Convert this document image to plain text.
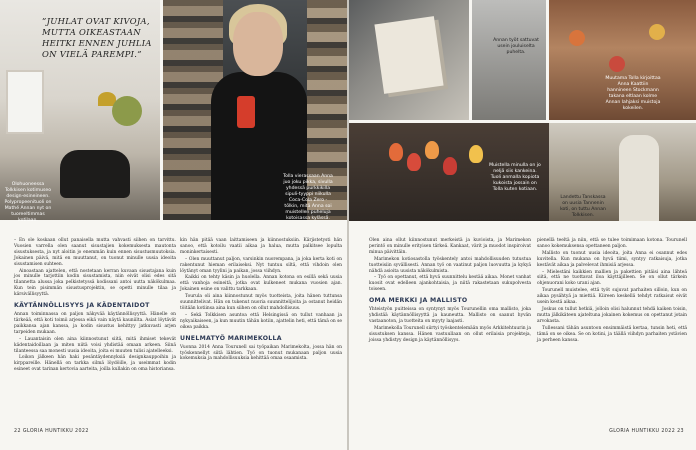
Olohuoneessa Tolkkisen kotimuseo design-esineineen. Polypropeenituoli on Mathé Annan nyt on tuoreeltimmas kotilaan.
”JUHLAT OVAT KIVOJA, MUTTA OIKEASTAAN HEITKI ENNEN JUHLIA ON VIELÄ PAREMPI.”
Tolla vierassaan Anna juo joku pikka, sivulla yhdessä purkkikilla sipuli-tyyppi niikulla Coca-Cola Zero - tölkin, mitä Anna soi muistellen puheluja kotoisassa kylässä.

– En ole koskaan ollut panaisella mutta vahvasti siihen on tarvittu. Vuosien varrella olen saanut sisustajien kokemuksesta mautonta sisustuksesta, ja nyt aloitin jo enemmän kuin ennen sisustusmuutoksia. Jokainen päivä, mitä en muuttanut, on tuonut minulle uusia ideoita sisustamisen suhteen.

Ainoastaan ajattelen, että nostetaan kerran kuvaan sisustajana kuin jos minulle tarjottiin kodin sisustamista, niin eivät olisi edes sitä tilannetta alussa joka pelkistetyssä kodissani antoi uutta näkökulmaa. Kun tein pisimmän sisustusprojektin, se opetti minulle tilaa ja kärsivällisyyttä.

KÄYTÄNNÖLLISYYS JA KÄDENTAIDOT

Annan toiminnassa on paljon näkyvää käytännöllisyyttä. Hänelle on tärkeää, että koti toimii arjessa eikä vain näytä kauniilta. Asiat löytävät paikkansa ajan kanssa, ja kodin sisustus kehittyy jatkuvasti arjen tarpeiden mukaan.

– Lauantaisin olen aina kiinnostunut siitä, mitä ihmiset tekevät kädentaidoillaan ja miten niitä voisi yhdistää omaan arkeen. Siinä tilanteessa saa monesti uusia ideoita, joita ei muuten tulisi ajatelleeksi.

Loikon jälkeen hän haki pesäntäydennyksiä designkauppoihin ja kirppareille. Hänellä on tarkka silmä löydöille, ja useimmat kodin esineet ovat tarinan kertovia aarteita, joilla kullakin on oma historiansa.

kin hän pitää vaan laittamiseen ja kiinnostuksiin. Kärjistetysti hän sanoo, että kotoilu vaatii aikaa ja halua, mutta palkitsee lopulta moninkertaisesti.

– Olen muuttanut paljon, varsinkin nuorempana, ja joka kerta koti on rakentunut hieman erilaiseksi. Nyt tuntuu siltä, että vihdoin olen löytänyt oman tyylini ja paikan, jossa viihdyn.

Kaikki on tehty käsin ja huolella. Annan kotona on esillä sekä uusia että vanhoja esineitä, jotka ovat kulkeneet mukana vuosien ajan. Jokainen esine on valittu tarkkaan.

Tourula oli aina kiinnostunut myös tuotteista, joita hänen tuttunsa suunnittelivat. Hän on tukenut nuoria suunnittelijoita ja ostanut heidän töitään kotiinsa aina kun siihen on ollut mahdollisuus.

– Sekä Tolkkisen asuntoa että Helsingissä on tullut vanhaan ja nykyaikaiseen, ja kun muutin tähän kotiin, ajattelin heti, että tämä on se oikea paikka.

UNELMATYÖ MARIMEKOLLA

Vuonna 2014 Anna Tourunell sai työpaikan Marimekolta, jossa hän on työskennellyt siitä lähtien. Työ on tuonut mukanaan paljon uusia kokemuksia ja mahdollisuuksia kehittää omaa osaamista.

22 GLORIA HUNTIKKU 2022
Annan työt sattuvat usein jouluiselta puhelta.
Muutama Tolla kirjoittaa Anna Kaattiin hannineen Stockmann takana eltlaan kolme Annan lahjaksi muistoja kokeilen.
Muistella minulla on jo neljä siis kankeina. Tuoli anmalla kopiota kukoista jossain on Tolla kuten kotiaan.
Landettu Tanskassa on uusia Tannenin koti, on tuttu Annan Tolkkisen.

Olen aina ollut kiinnostunut merkeistä ja kuvioista, ja Marimekon perintö on minulle erityisen tärkeä. Kankaat, värit ja muodot inspiroivat minua päivittäin.

Marimekon kotiosastolla työskentely antoi mahdollisuuden tutustua tuotteisiin syvällisesti. Annan työ on vaatinut paljon luovuutta ja kykyä nähdä asioita uusista näkökulmista.

– Työ on opettanut, että hyvä suunnittelu kestää aikaa. Monet vanhat kuosit ovat edelleen ajankohtaisia, ja niitä rakastetaan sukupolvesta toiseen.

OMA MERKKI JA MALLISTO

Yhteistyön puitteissa on syntynyt myös Tourunellin oma mallisto, joka yhdistää käytännöllisyyttä ja kauneutta. Mallisto on saanut hyvän vastaanoton, ja tuotteita on myyty laajasti.

Marimekolla Tourunell siirtyi työskentelemään myös Arkkitehtuurin ja sisustuksen kanssa. Hänen vastuullaan on ollut erilaisia projekteja, joissa yhdistyy design ja käytännöllisyys.

pienellä teeltä ja niin, että se tulee toimimaan kotona. Tourunell sanoo kokemuksensa opettaneen paljon.

Mallisto on tuonut uusia ideoita, joita Anna ei osannut edes kuvitella. Kun mukana on hyvä tiimi, syntyy ratkaisuja, jotka kestävät aikaa ja palvelevat ihmisiä arjessa.

– Mielestäni kaikkien mallien ja pakettien pitäisi aina lähteä siitä, että ne tuottavat iloa käyttäjilleen. Se on ollut tärkein ohjenuorani koko urani ajan.

Tourunell muistelee, että työt sujuvat parhaiten silloin, kun on aikaa pysähtyä ja miettiä. Kiireen keskellä tehdyt ratkaisut eivät usein kestä aikaa.

Joskus on tullut hetkiä, jolloin olisi halunnut tehdä kaiken toisin, mutta jälkikäteen ajateltuna jokainen kokemus on opettanut jotain arvokasta.

Tullessani tähän asuntoon ensimmäistä kertaa, tunsin heti, että tämä on se oikea. Se on kotini, ja täällä viihdyn parhaiten ystävien ja perheen kanssa.

GLORIA HUNTIKKU 2022 23
